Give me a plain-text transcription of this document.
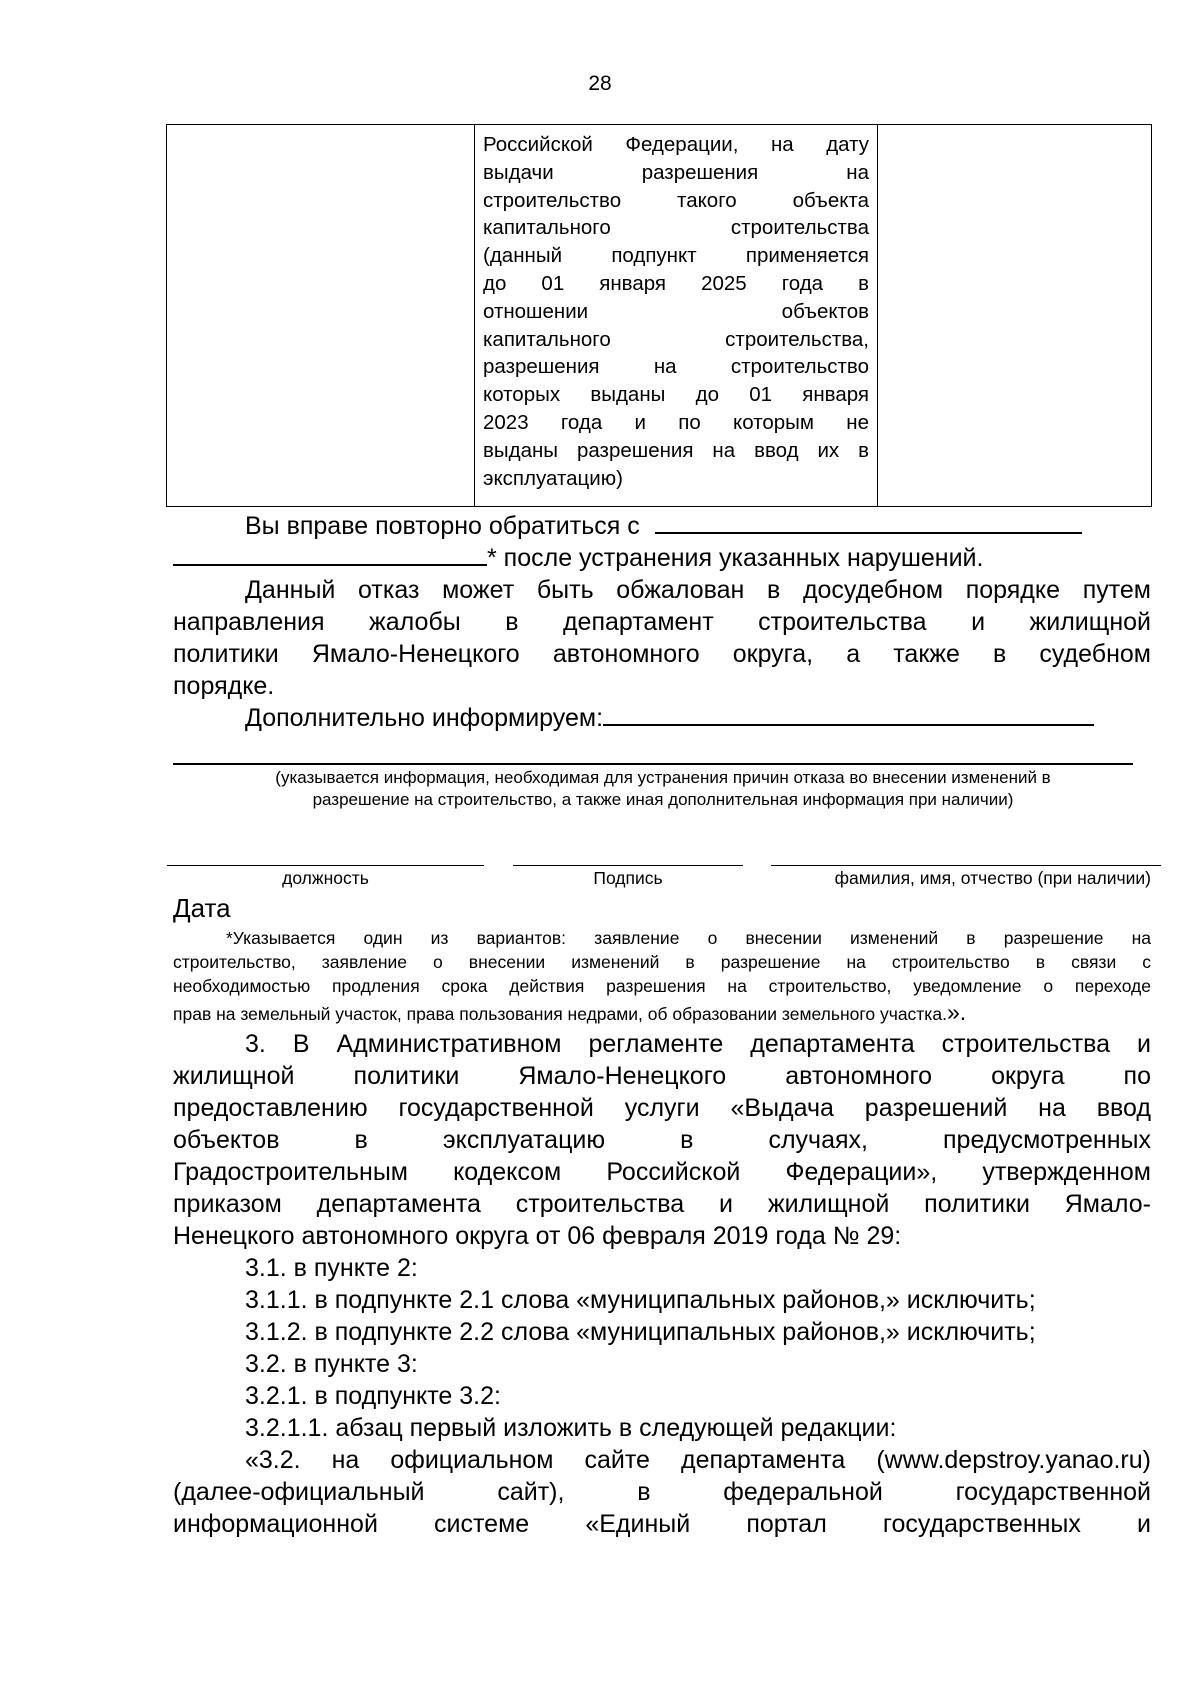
28
Российской Федерации, на дату
выдачи разрешения на
строительство такого объекта
капитального строительства
(данный подпункт применяется
до 01 января 2025 года в
отношении объектов
капитального строительства,
разрешения на строительство
которых выданы до 01 января
2023 года и по которым не
выданы разрешения на ввод их в
эксплуатацию)
Вы вправе повторно обратиться с
* после устранения указанных нарушений.
Данный отказ может быть обжалован в досудебном порядке путем
направления жалобы в департамент строительства и жилищной
политики Ямало-Ненецкого автономного округа, а также в судебном
порядке.
Дополнительно информируем:
(указывается информация, необходимая для устранения причин отказа во внесении изменений в
разрешение на строительство, а также иная дополнительная информация при наличии)
должность	Подпись	фамилия, имя, отчество (при наличии)
Дата
*Указывается один из вариантов: заявление о внесении изменений в разрешение на
строительство, заявление о внесении изменений в разрешение на строительство в связи с
необходимостью продления срока действия разрешения на строительство, уведомление о переходе
прав на земельный участок, права пользования недрами, об образовании земельного участка.».
3. В Административном регламенте департамента строительства и
жилищной политики Ямало-Ненецкого автономного округа по
предоставлению государственной услуги «Выдача разрешений на ввод
объектов в эксплуатацию в случаях, предусмотренных
Градостроительным кодексом Российской Федерации», утвержденном
приказом департамента строительства и жилищной политики Ямало-
Ненецкого автономного округа от 06 февраля 2019 года № 29:
3.1. в пункте 2:
3.1.1. в подпункте 2.1 слова «муниципальных районов,» исключить;
3.1.2. в подпункте 2.2 слова «муниципальных районов,» исключить;
3.2. в пункте 3:
3.2.1. в подпункте 3.2:
3.2.1.1. абзац первый изложить в следующей редакции:
«3.2. на официальном сайте департамента (www.depstroy.yanao.ru)
(далее-официальный сайт), в федеральной государственной
информационной системе «Единый портал государственных и
